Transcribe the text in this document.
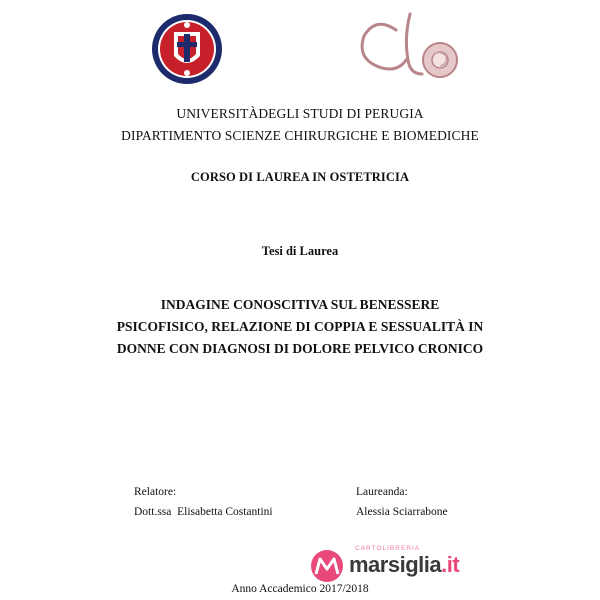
UNIVERSITÀDEGLI STUDI DI PERUGIA
DIPARTIMENTO SCIENZE CHIRURGICHE E BIOMEDICHE
CORSO DI LAUREA IN OSTETRICIA
Tesi di Laurea
INDAGINE CONOSCITIVA SUL BENESSERE
PSICOFISICO, RELAZIONE DI COPPIA E SESSUALITÀ IN
DONNE CON DIAGNOSI DI DOLORE PELVICO CRONICO
Relatore:
Dott.ssa  Elisabetta Costantini
Laureanda:
Alessia Sciarrabone
CARTOLIBRERIA
marsiglia.it
Anno Accademico 2017/2018
